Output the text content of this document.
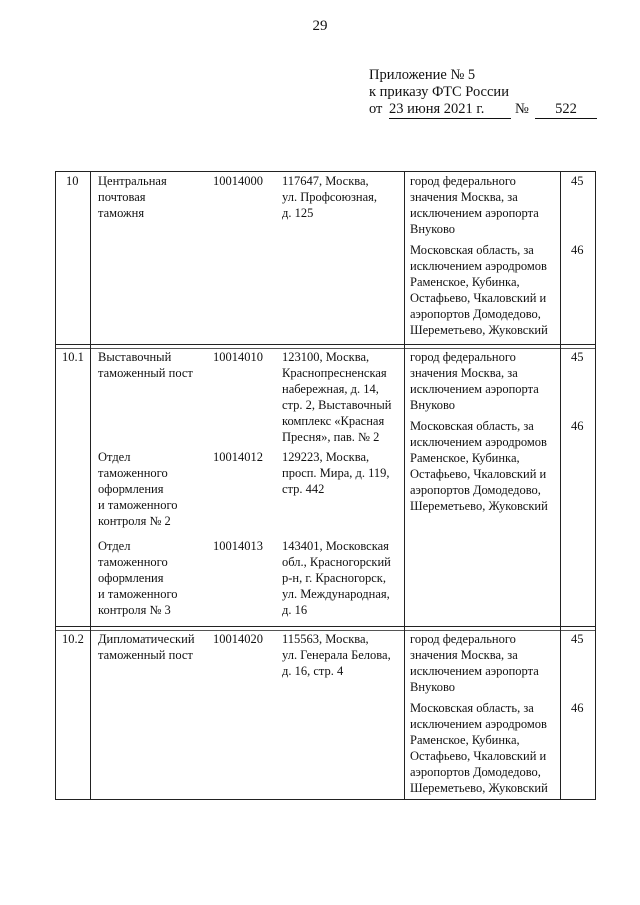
29
Приложение № 5
к приказу ФТС России
от 23 июня 2021 г.	№	522
10 Центральная
почтовая
таможня
10014000 117647, Москва,
ул. Профсоюзная,
д. 125
город федерального
значения Москва, за
исключением аэропорта
Внуково
45
Московская область, за
исключением аэродромов
Раменское, Кубинка,
Остафьево, Чкаловский и
аэропортов Домодедово,
Шереметьево, Жуковский
46
10.1 Выставочный
таможенный пост
10014010 123100, Москва,
Краснопресненская
набережная, д. 14,
стр. 2, Выставочный
комплекс «Красная
Пресня», пав. № 2
город федерального
значения Москва, за
исключением аэропорта
Внуково
45
Московская область, за
исключением аэродромов
Раменское, Кубинка,
Остафьево, Чкаловский и
аэропортов Домодедово,
Шереметьево, Жуковский
46
Отдел
таможенного
оформления
и таможенного
контроля № 2
10014012 129223, Москва,
проcп. Мира, д. 119,
стр. 442
Отдел
таможенного
оформления
и таможенного
контроля № 3
10014013 143401, Московская
обл., Красногорский
р-н, г. Красногорск,
ул. Международная,
д. 16
10.2 Дипломатический
таможенный пост
10014020 115563, Москва,
ул. Генерала Белова,
д. 16, стр. 4
город федерального
значения Москва, за
исключением аэропорта
Внуково
45
Московская область, за
исключением аэродромов
Раменское, Кубинка,
Остафьево, Чкаловский и
аэропортов Домодедово,
Шереметьево, Жуковский
46
